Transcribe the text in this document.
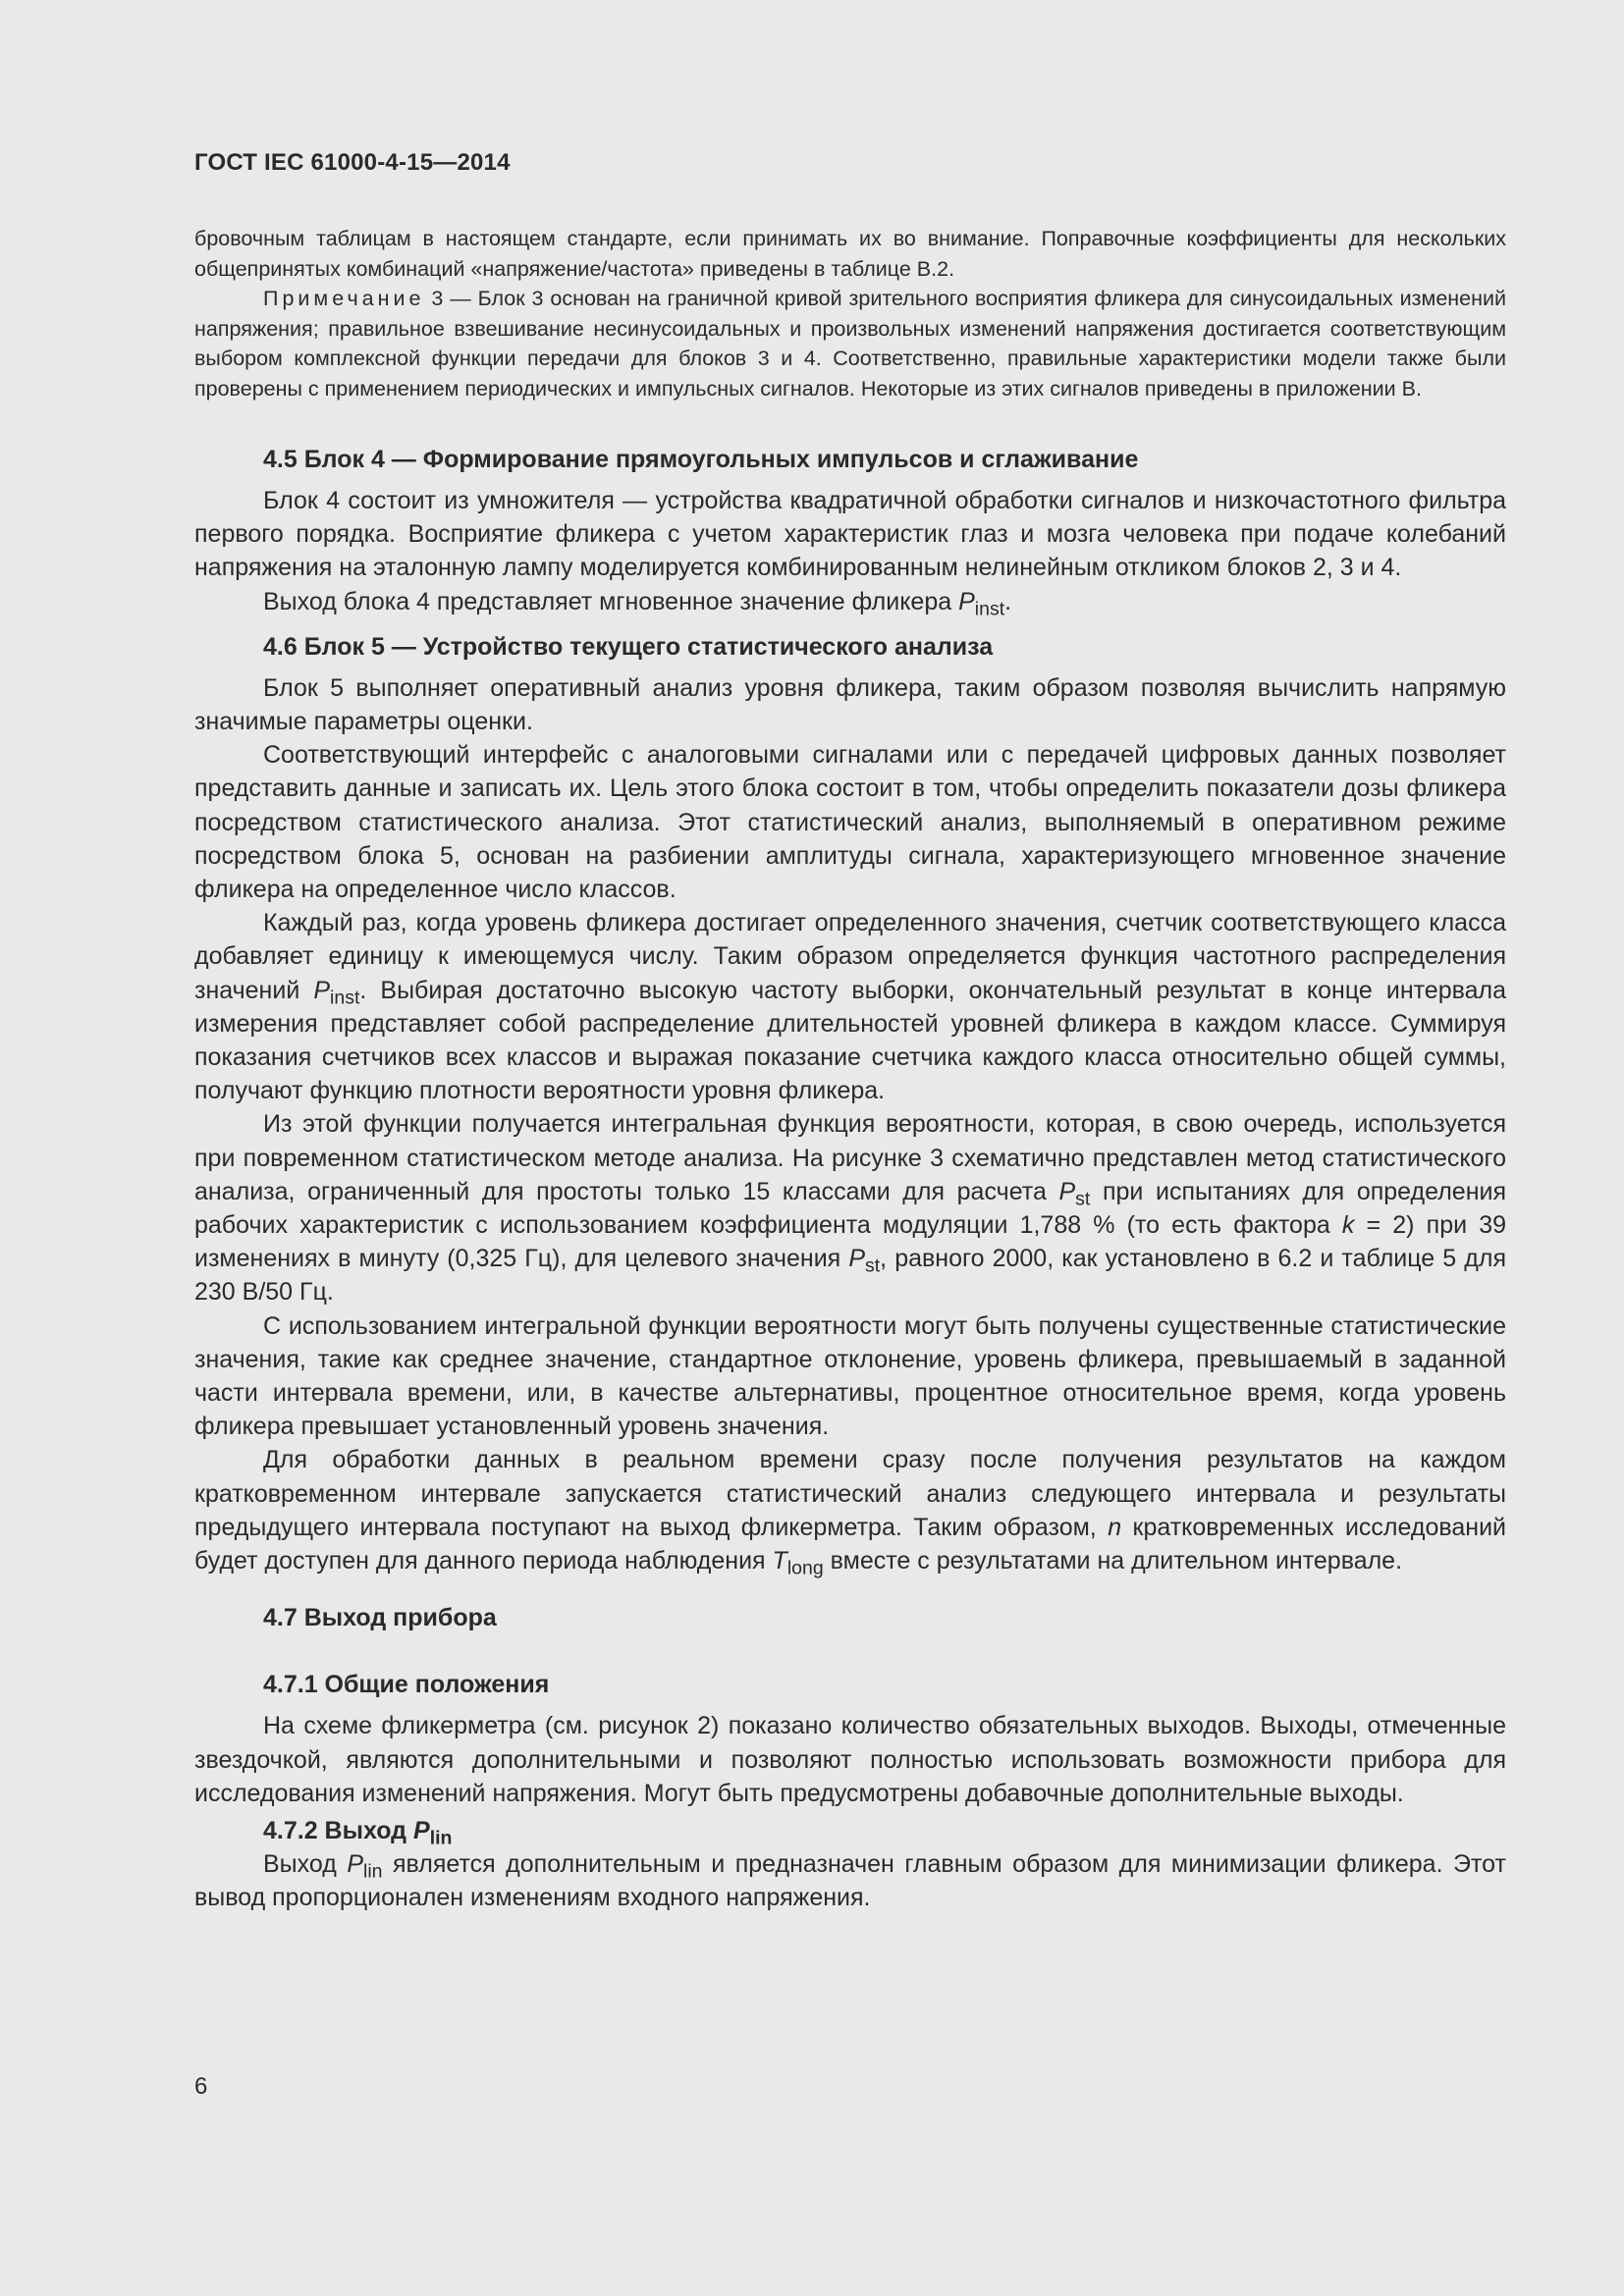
ГОСТ IEC 61000-4-15—2014

бровочным таблицам в настоящем стандарте, если принимать их во внимание. Поправочные коэффициенты для нескольких общепринятых комбинаций «напряжение/частота» приведены в таблице В.2.

Примечание 3 — Блок 3 основан на граничной кривой зрительного восприятия фликера для синусоидальных изменений напряжения; правильное взвешивание несинусоидальных и произвольных изменений напряжения достигается соответствующим выбором комплексной функции передачи для блоков 3 и 4. Соответственно, правильные характеристики модели также были проверены с применением периодических и импульсных сигналов. Некоторые из этих сигналов приведены в приложении В.

4.5 Блок 4 — Формирование прямоугольных импульсов и сглаживание

Блок 4 состоит из умножителя — устройства квадратичной обработки сигналов и низкочастотного фильтра первого порядка. Восприятие фликера с учетом характеристик глаз и мозга человека при подаче колебаний напряжения на эталонную лампу моделируется комбинированным нелинейным откликом блоков 2, 3 и 4.

Выход блока 4 представляет мгновенное значение фликера $P_{inst}$.

4.6 Блок 5 — Устройство текущего статистического анализа

Блок 5 выполняет оперативный анализ уровня фликера, таким образом позволяя вычислить напрямую значимые параметры оценки.

Соответствующий интерфейс с аналоговыми сигналами или с передачей цифровых данных позволяет представить данные и записать их. Цель этого блока состоит в том, чтобы определить показатели дозы фликера посредством статистического анализа. Этот статистический анализ, выполняемый в оперативном режиме посредством блока 5, основан на разбиении амплитуды сигнала, характеризующего мгновенное значение фликера на определенное число классов.

Каждый раз, когда уровень фликера достигает определенного значения, счетчик соответствующего класса добавляет единицу к имеющемуся числу. Таким образом определяется функция частотного распределения значений $P_{inst}$. Выбирая достаточно высокую частоту выборки, окончательный результат в конце интервала измерения представляет собой распределение длительностей уровней фликера в каждом классе. Суммируя показания счетчиков всех классов и выражая показание счетчика каждого класса относительно общей суммы, получают функцию плотности вероятности уровня фликера.

Из этой функции получается интегральная функция вероятности, которая, в свою очередь, используется при повременном статистическом методе анализа. На рисунке 3 схематично представлен метод статистического анализа, ограниченный для простоты только 15 классами для расчета $P_{st}$ при испытаниях для определения рабочих характеристик с использованием коэффициента модуляции 1,788 % (то есть фактора k = 2) при 39 изменениях в минуту (0,325 Гц), для целевого значения $P_{st}$, равного 2000, как установлено в 6.2 и таблице 5 для 230 В/50 Гц.

С использованием интегральной функции вероятности могут быть получены существенные статистические значения, такие как среднее значение, стандартное отклонение, уровень фликера, превышаемый в заданной части интервала времени, или, в качестве альтернативы, процентное относительное время, когда уровень фликера превышает установленный уровень значения.

Для обработки данных в реальном времени сразу после получения результатов на каждом кратковременном интервале запускается статистический анализ следующего интервала и результаты предыдущего интервала поступают на выход фликерметра. Таким образом, n кратковременных исследований будет доступен для данного периода наблюдения $T_{long}$ вместе с результатами на длительном интервале.

4.7 Выход прибора
4.7.1 Общие положения

На схеме фликерметра (см. рисунок 2) показано количество обязательных выходов. Выходы, отмеченные звездочкой, являются дополнительными и позволяют полностью использовать возможности прибора для исследования изменений напряжения. Могут быть предусмотрены добавочные дополнительные выходы.

4.7.2 Выход $P_{lin}$

Выход $P_{lin}$ является дополнительным и предназначен главным образом для минимизации фликера. Этот вывод пропорционален изменениям входного напряжения.

6
